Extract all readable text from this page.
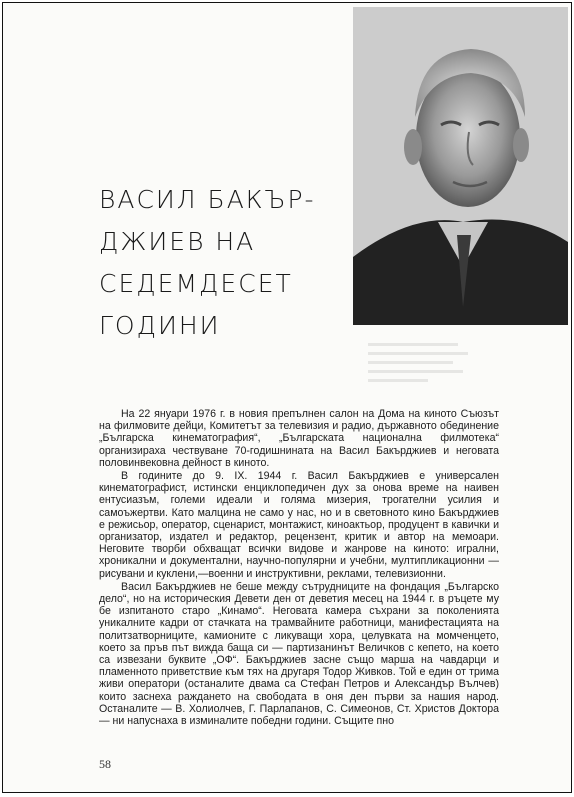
ВАСИЛ БАКЪР-
ДЖИЕВ НА
СЕДЕМДЕСЕТ
ГОДИНИ

На 22 януари 1976 г. в новия препълнен салон на Дома на киното Съюзът на филмовите дейци, Комитетът за телевизия и радио, държавното обединение „Българска кинематография“, „Българската национална филмотека“ организираха чествуване 70-годишнината на Васил Бакърджиев и неговата половинвековна дейност в киното.

В годините до 9. IX. 1944 г. Васил Бакърджиев е универсален кинематографист, истински енциклопедичен дух за онова време на наивен ентусиазъм, големи идеали и голяма мизерия, трогателни усилия и самоъжертви. Като малцина не само у нас, но и в световното кино Бакърджиев е режисьор, оператор, сценарист, монтажист, киноактьор, продуцент в кавички и организатор, издател и редактор, рецензент, критик и автор на мемоари. Неговите творби обхващат всички видове и жанрове на киното: игрални, хроникални и документални, научно-популярни и учебни, мултипликационни —рисувани и куклени,—военни и инструктивни, реклами, телевизионни.

Васил Бакърджиев не беше между сътрудниците на фондация „Българско дело“, но на историческия Девети ден от деветия месец на 1944 г. в ръцете му бе изпитаното старо „Кинамо“. Неговата камера съхрани за поколенията уникалните кадри от стачката на трамвайните работници, манифестацията на политзатворниците, камионите с ликуващи хора, целувката на момченцето, което за пръв път вижда баща си — партизанинът Величков с кепето, на което са извезани буквите „ОФ“. Бакърджиев заснe също марша на чавдарци и пламенното приветствие към тях на другаря Тодор Живков. Той е един от трима живи оператори (останалите двама са Стефан Петров и Александър Вълчев) които заснеха раждането на свободата в оня ден първи за нашия народ. Останалите — В. Холиолчев, Г. Парлапанов, С. Симеонов, Ст. Христов Доктора — ни напуснаха в изминалите победни години. Същите пно

58
